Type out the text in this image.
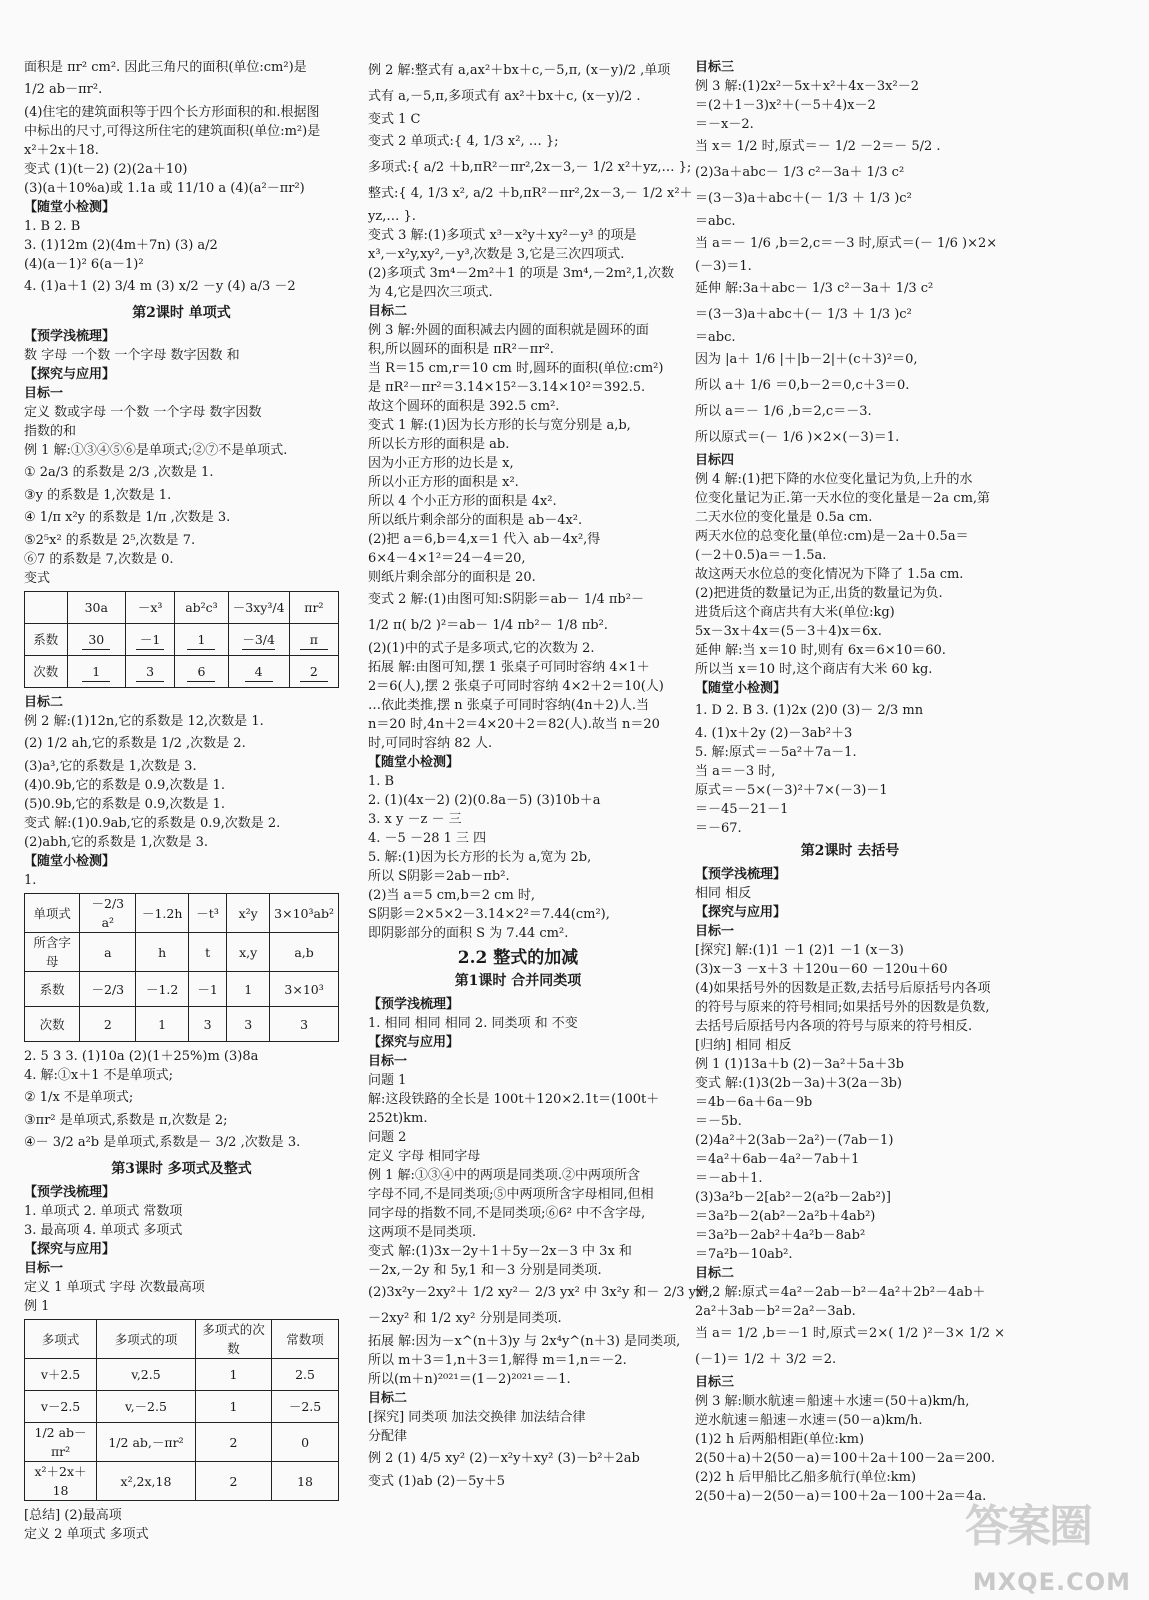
面积是 πr² cm². 因此三角尺的面积(单位:cm²)是
1/2 ab－πr².
(4)住宅的建筑面积等于四个长方形面积的和.根据图
中标出的尺寸,可得这所住宅的建筑面积(单位:m²)是
x²＋2x＋18.
变式 (1)(t－2) (2)(2a＋10)
(3)(a＋10%a)或 1.1a 或 11/10 a (4)(a²－πr²)
【随堂小检测】
1. B 2. B
3. (1)12m (2)(4m＋7n) (3) a/2
(4)(a－1)² 6(a－1)²
4. (1)a＋1 (2) 3/4 m (3) x/2 －y (4) a/3 －2
第2课时 单项式
【预学浅梳理】
数 字母 一个数 一个字母 数字因数 和
【探究与应用】
目标一
定义 数或字母 一个数 一个字母 数字因数
指数的和
例 1 解:①③④⑤⑥是单项式;②⑦不是单项式.
① 2a/3 的系数是 2/3 ,次数是 1.
③y 的系数是 1,次数是 1.
④ 1/π x²y 的系数是 1/π ,次数是 3.
⑤2⁵x² 的系数是 2⁵,次数是 7.
⑥7 的系数是 7,次数是 0.
变式
	30a	－x³	ab²c³	－3xy³/4	πr²
系数	30	－1	1	－3/4	π
次数	1	3	6	4	2
目标二
例 2 解:(1)12n,它的系数是 12,次数是 1.
(2) 1/2 ah,它的系数是 1/2 ,次数是 2.
(3)a³,它的系数是 1,次数是 3.
(4)0.9b,它的系数是 0.9,次数是 1.
(5)0.9b,它的系数是 0.9,次数是 1.
变式 解:(1)0.9ab,它的系数是 0.9,次数是 2.
(2)abh,它的系数是 1,次数是 3.
【随堂小检测】
1.
单项式	－2/3 a²	－1.2h	－t³	x²y	3×10³ab²
所含字母	a	h	t	x,y	a,b
系数	－2/3	－1.2	－1	1	3×10³
次数	2	1	3	3	3
2. 5 3 3. (1)10a (2)(1＋25%)m (3)8a
4. 解:①x＋1 不是单项式;
② 1/x 不是单项式;
③πr² 是单项式,系数是 π,次数是 2;
④－ 3/2 a²b 是单项式,系数是－ 3/2 ,次数是 3.
第3课时 多项式及整式
【预学浅梳理】
1. 单项式 2. 单项式 常数项
3. 最高项 4. 单项式 多项式
【探究与应用】
目标一
定义 1 单项式 字母 次数最高项
例 1
多项式	多项式的项	多项式的次数	常数项
v＋2.5	v,2.5	1	2.5
v－2.5	v,－2.5	1	－2.5
1/2 ab－πr²	1/2 ab,－πr²	2	0
x²＋2x＋18	x²,2x,18	2	18
[总结] (2)最高项
定义 2 单项式 多项式
例 2 解:整式有 a,ax²＋bx＋c,－5,π, (x－y)/2 ,单项
式有 a,－5,π,多项式有 ax²＋bx＋c, (x－y)/2 .
变式 1 C
变式 2 单项式:{ 4, 1/3 x², … };
多项式:{ a/2 ＋b,πR²－πr²,2x－3,－ 1/2 x²＋yz,… };
整式:{ 4, 1/3 x², a/2 ＋b,πR²－πr²,2x－3,－ 1/2 x²＋
yz,… }.
变式 3 解:(1)多项式 x³－x²y＋xy²－y³ 的项是
x³,－x²y,xy²,－y³,次数是 3,它是三次四项式.
(2)多项式 3m⁴－2m²＋1 的项是 3m⁴,－2m²,1,次数
为 4,它是四次三项式.
目标二
例 3 解:外圆的面积减去内圆的面积就是圆环的面
积,所以圆环的面积是 πR²－πr².
当 R＝15 cm,r＝10 cm 时,圆环的面积(单位:cm²)
是 πR²－πr²＝3.14×15²－3.14×10²＝392.5.
故这个圆环的面积是 392.5 cm².
变式 1 解:(1)因为长方形的长与宽分别是 a,b,
所以长方形的面积是 ab.
因为小正方形的边长是 x,
所以小正方形的面积是 x².
所以 4 个小正方形的面积是 4x².
所以纸片剩余部分的面积是 ab－4x².
(2)把 a＝6,b＝4,x＝1 代入 ab－4x²,得
6×4－4×1²＝24－4＝20,
则纸片剩余部分的面积是 20.
变式 2 解:(1)由图可知:S阴影＝ab－ 1/4 πb²－
1/2 π( b/2 )²＝ab－ 1/4 πb²－ 1/8 πb².
(2)(1)中的式子是多项式,它的次数为 2.
拓展 解:由图可知,摆 1 张桌子可同时容纳 4×1＋
2＝6(人),摆 2 张桌子可同时容纳 4×2＋2＝10(人)
…依此类推,摆 n 张桌子可同时容纳(4n＋2)人.当
n＝20 时,4n＋2＝4×20＋2＝82(人).故当 n＝20
时,可同时容纳 82 人.
【随堂小检测】
1. B
2. (1)(4x－2) (2)(0.8a－5) (3)10b＋a
3. x y －z － 三
4. －5 －28 1 三 四
5. 解:(1)因为长方形的长为 a,宽为 2b,
所以 S阴影＝2ab－πb².
(2)当 a＝5 cm,b＝2 cm 时,
S阴影＝2×5×2－3.14×2²＝7.44(cm²),
即阴影部分的面积 S 为 7.44 cm².
2.2 整式的加减
第1课时 合并同类项
【预学浅梳理】
1. 相同 相同 相同 2. 同类项 和 不变
【探究与应用】
目标一
问题 1
解:这段铁路的全长是 100t＋120×2.1t＝(100t＋
252t)km.
问题 2
定义 字母 相同字母
例 1 解:①③④中的两项是同类项.②中两项所含
字母不同,不是同类项;⑤中两项所含字母相同,但相
同字母的指数不同,不是同类项;⑥6² 中不含字母,
这两项不是同类项.
变式 解:(1)3x－2y＋1＋5y－2x－3 中 3x 和
－2x,－2y 和 5y,1 和－3 分别是同类项.
(2)3x²y－2xy²＋ 1/2 xy²－ 2/3 yx² 中 3x²y 和－ 2/3 yx²,
－2xy² 和 1/2 xy² 分别是同类项.
拓展 解:因为－x^(n＋3)y 与 2x⁴y^(n＋3) 是同类项,
所以 m＋3＝1,n＋3＝1,解得 m＝1,n＝－2.
所以(m＋n)²⁰²¹＝(1－2)²⁰²¹＝－1.
目标二
[探究] 同类项 加法交换律 加法结合律
分配律
例 2 (1) 4/5 xy² (2)－x²y＋xy² (3)－b²＋2ab
变式 (1)ab (2)－5y＋5
目标三
例 3 解:(1)2x²－5x＋x²＋4x－3x²－2
＝(2＋1－3)x²＋(－5＋4)x－2
＝－x－2.
当 x＝ 1/2 时,原式＝－ 1/2 －2＝－ 5/2 .
(2)3a＋abc－ 1/3 c²－3a＋ 1/3 c²
＝(3－3)a＋abc＋(－ 1/3 ＋ 1/3 )c²
＝abc.
当 a＝－ 1/6 ,b＝2,c＝－3 时,原式＝(－ 1/6 )×2×
(－3)＝1.
延伸 解:3a＋abc－ 1/3 c²－3a＋ 1/3 c²
＝(3－3)a＋abc＋(－ 1/3 ＋ 1/3 )c²
＝abc.
因为 |a＋ 1/6 |＋|b－2|＋(c＋3)²＝0,
所以 a＋ 1/6 ＝0,b－2＝0,c＋3＝0.
所以 a＝－ 1/6 ,b＝2,c＝－3.
所以原式＝(－ 1/6 )×2×(－3)＝1.
目标四
例 4 解:(1)把下降的水位变化量记为负,上升的水
位变化量记为正.第一天水位的变化量是－2a cm,第
二天水位的变化量是 0.5a cm.
两天水位的总变化量(单位:cm)是－2a＋0.5a＝
(－2＋0.5)a＝－1.5a.
故这两天水位总的变化情况为下降了 1.5a cm.
(2)把进货的数量记为正,出货的数量记为负.
进货后这个商店共有大米(单位:kg)
5x－3x＋4x＝(5－3＋4)x＝6x.
延伸 解:当 x＝10 时,则有 6x＝6×10＝60.
所以当 x＝10 时,这个商店有大米 60 kg.
【随堂小检测】
1. D 2. B 3. (1)2x (2)0 (3)－ 2/3 mn
4. (1)x＋2y (2)－3ab²＋3
5. 解:原式＝－5a²＋7a－1.
当 a＝－3 时,
原式＝－5×(－3)²＋7×(－3)－1
＝－45－21－1
＝－67.
第2课时 去括号
【预学浅梳理】
相同 相反
【探究与应用】
目标一
[探究] 解:(1)1 －1 (2)1 －1 (x－3)
(3)x－3 －x＋3 ＋120u－60 －120u＋60
(4)如果括号外的因数是正数,去括号后原括号内各项
的符号与原来的符号相同;如果括号外的因数是负数,
去括号后原括号内各项的符号与原来的符号相反.
[归纳] 相同 相反
例 1 (1)13a＋b (2)－3a²＋5a＋3b
变式 解:(1)3(2b－3a)＋3(2a－3b)
＝4b－6a＋6a－9b
＝－5b.
(2)4a²＋2(3ab－2a²)－(7ab－1)
＝4a²＋6ab－4a²－7ab＋1
＝－ab＋1.
(3)3a²b－2[ab²－2(a²b－2ab²)]
＝3a²b－2(ab²－2a²b＋4ab²)
＝3a²b－2ab²＋4a²b－8ab²
＝7a²b－10ab².
目标二
例 2 解:原式＝4a²－2ab－b²－4a²＋2b²－4ab＋
2a²＋3ab－b²＝2a²－3ab.
当 a＝ 1/2 ,b＝－1 时,原式＝2×( 1/2 )²－3× 1/2 ×
(－1)＝ 1/2 ＋ 3/2 ＝2.
目标三
例 3 解:顺水航速＝船速＋水速＝(50＋a)km/h,
逆水航速＝船速－水速＝(50－a)km/h.
(1)2 h 后两船相距(单位:km)
2(50＋a)＋2(50－a)＝100＋2a＋100－2a＝200.
(2)2 h 后甲船比乙船多航行(单位:km)
2(50＋a)－2(50－a)＝100＋2a－100＋2a＝4a.
答案圈
MXQE.COM
